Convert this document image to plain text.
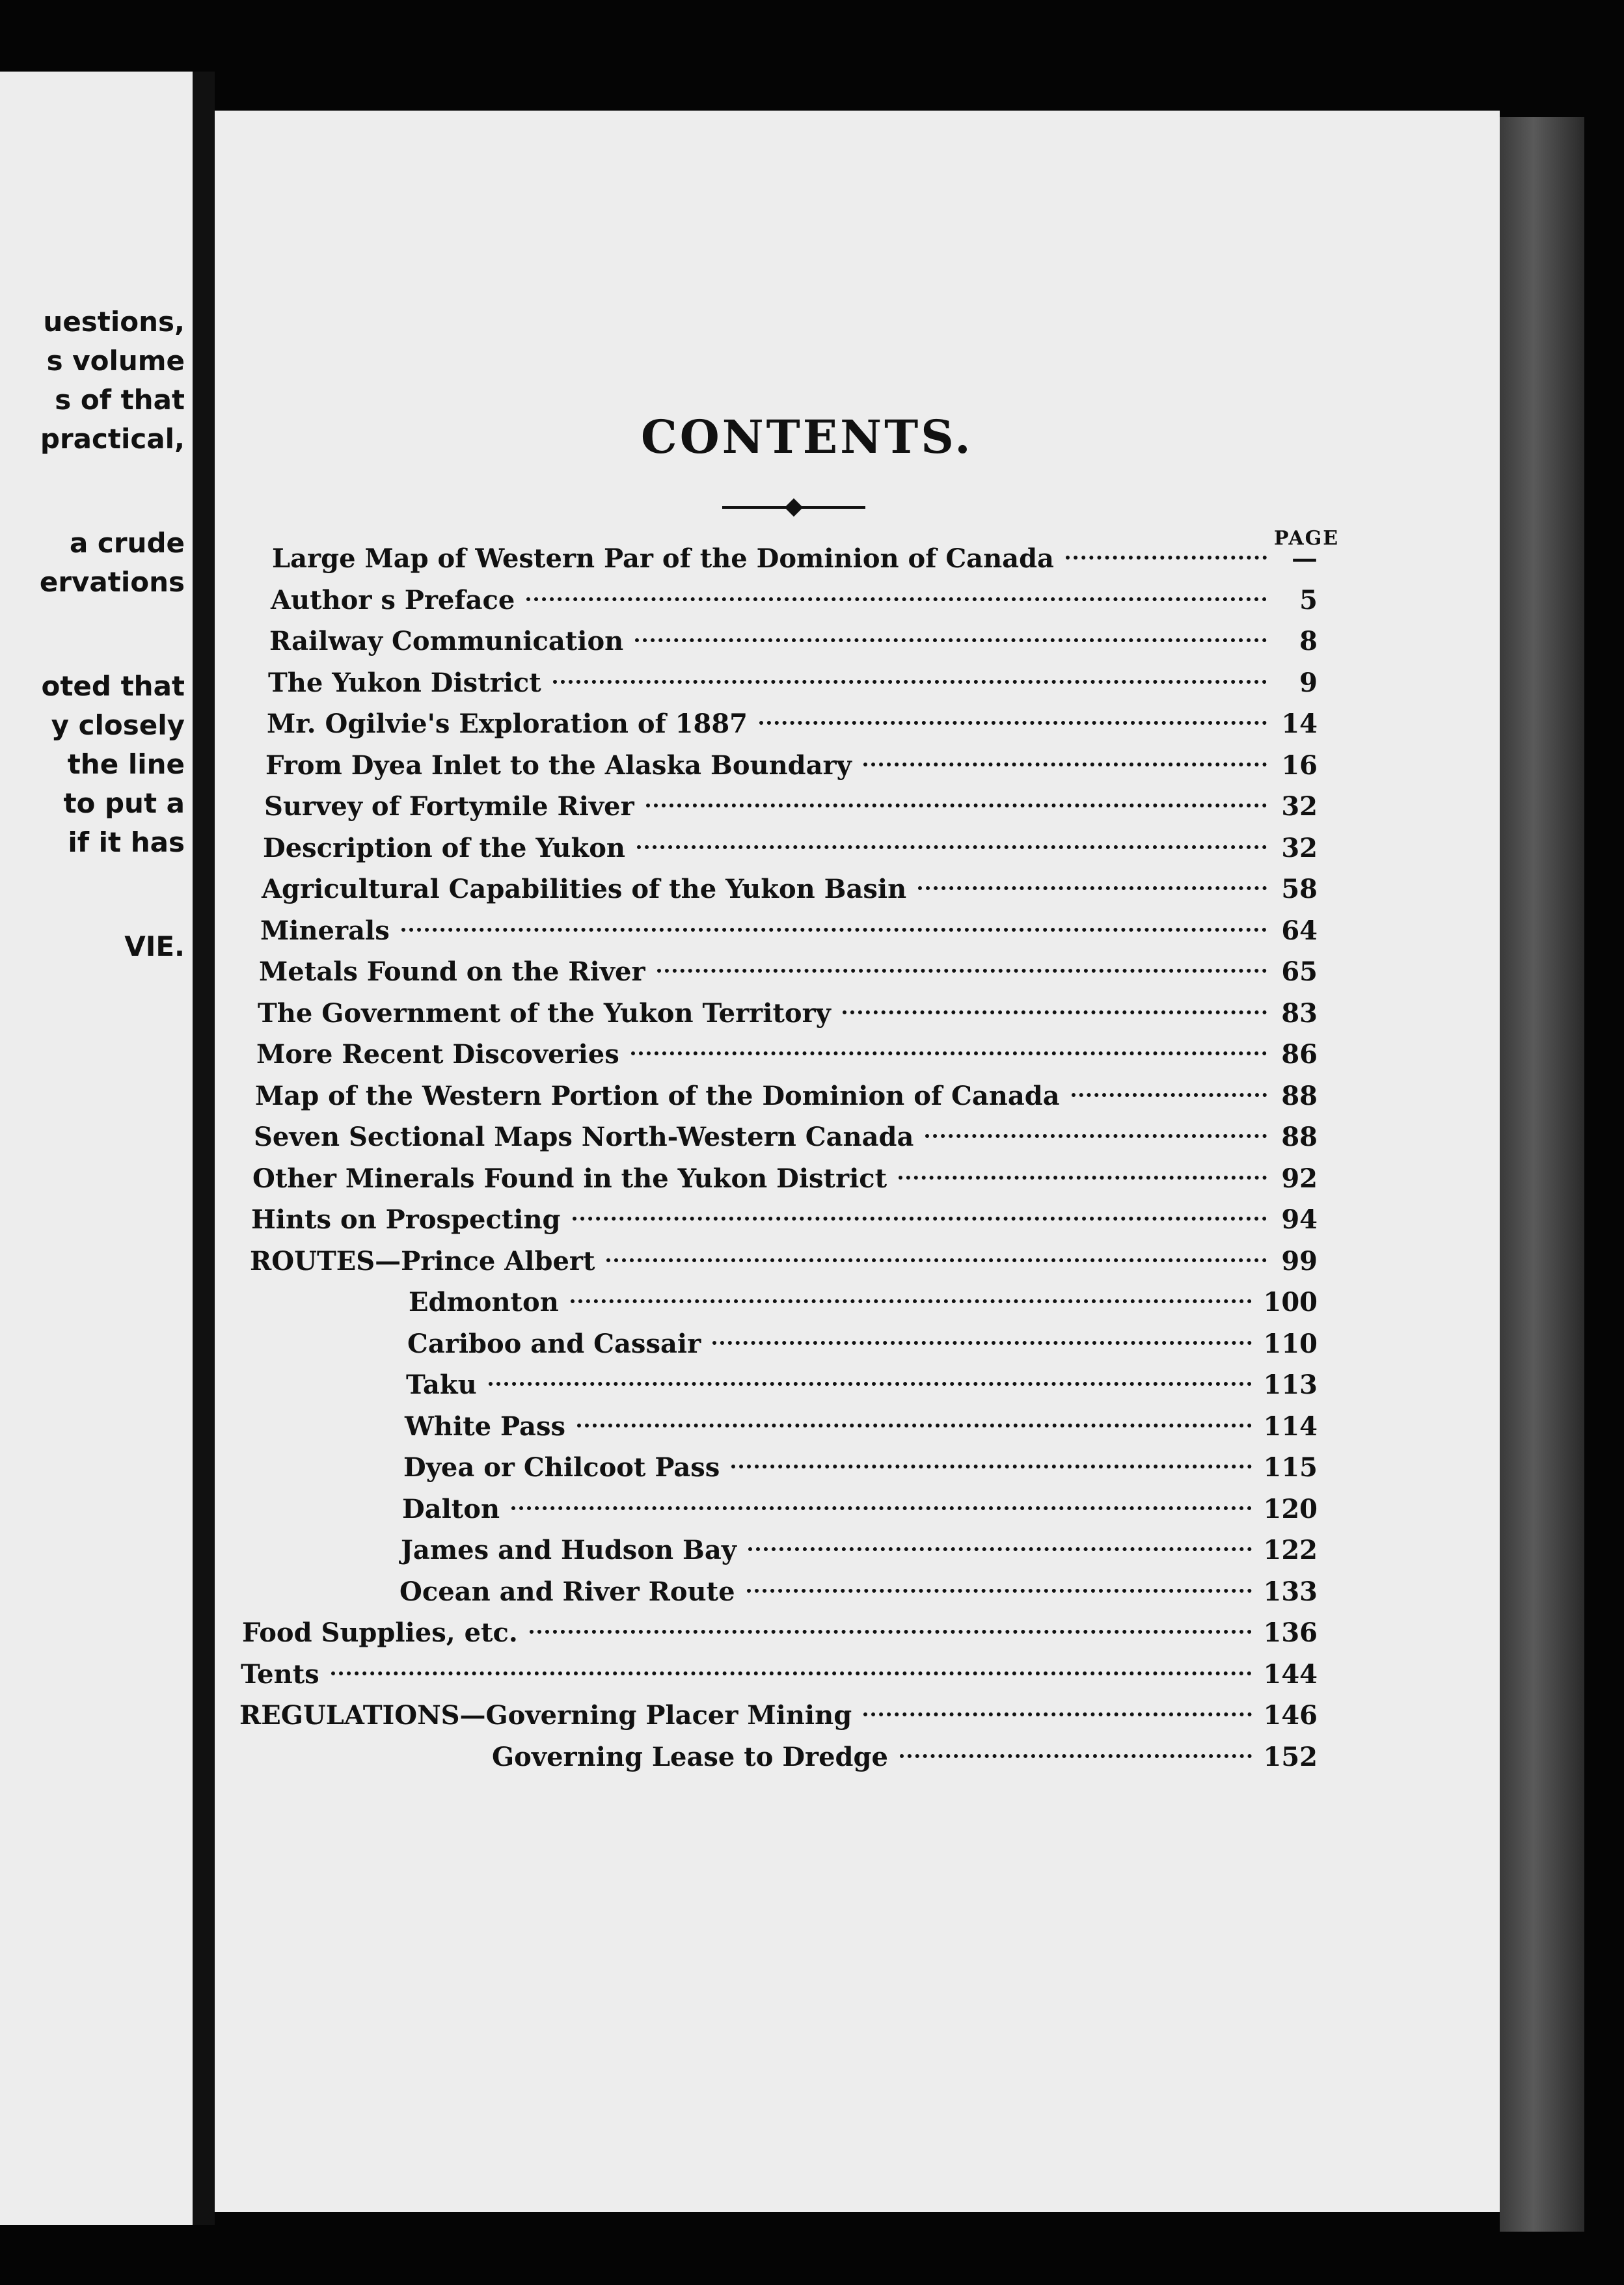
uestions,
s volume
s of that
practical,
a crude
ervations
oted that
y closely
the line
to put a
if it has
VIE.
CONTENTS.
PAGE
Large Map of Western Par of the Dominion of Canada	—
Author s Preface	5
Railway Communication	8
The Yukon District	9
Mr. Ogilvie's Exploration of 1887	14
From Dyea Inlet to the Alaska Boundary	16
Survey of Fortymile River	32
Description of the Yukon	32
Agricultural Capabilities of the Yukon Basin	58
Minerals	64
Metals Found on the River	65
The Government of the Yukon Territory	83
More Recent Discoveries	86
Map of the Western Portion of the Dominion of Canada	88
Seven Sectional Maps North-Western Canada	88
Other Minerals Found in the Yukon District	92
Hints on Prospecting	94
ROUTES—Prince Albert	99
Edmonton	100
Cariboo and Cassair	110
Taku	113
White Pass	114
Dyea or Chilcoot Pass	115
Dalton	120
James and Hudson Bay	122
Ocean and River Route	133
Food Supplies, etc.	136
Tents	144
REGULATIONS—Governing Placer Mining	146
Governing Lease to Dredge	152
